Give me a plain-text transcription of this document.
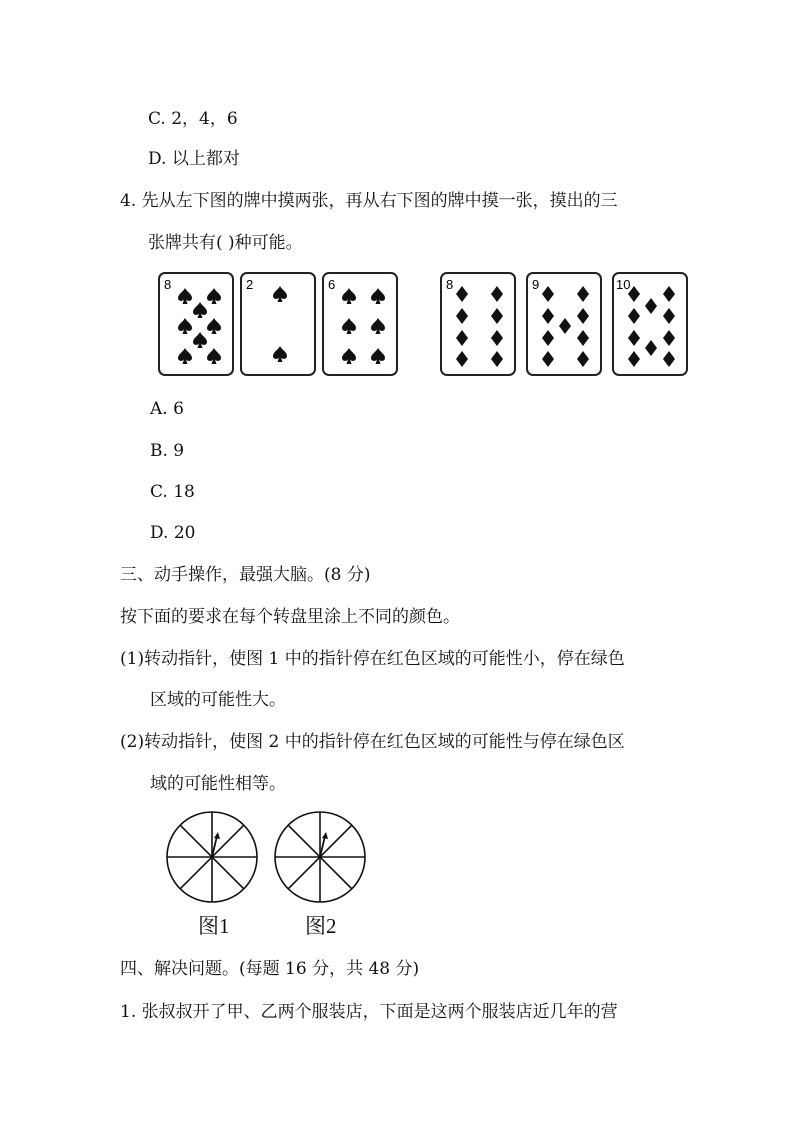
C. 2，4，6
D. 以上都对
4. 先从左下图的牌中摸两张，再从右下图的牌中摸一张，摸出的三
张牌共有( )种可能。
8	2	6	8	9	10
A. 6
B. 9
C. 18
D. 20
三、动手操作，最强大脑。(8 分)
按下面的要求在每个转盘里涂上不同的颜色。
(1)转动指针，使图 1 中的指针停在红色区域的可能性小，停在绿色
区域的可能性大。
(2)转动指针，使图 2 中的指针停在红色区域的可能性与停在绿色区
域的可能性相等。
图1	图2
四、解决问题。(每题 16 分，共 48 分)
1. 张叔叔开了甲、乙两个服装店，下面是这两个服装店近几年的营
